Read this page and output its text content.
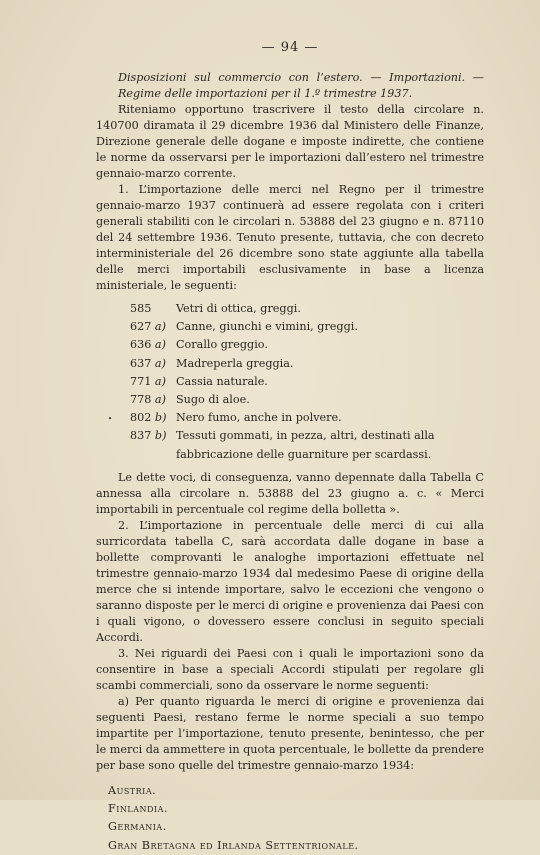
— 94 —

Disposizioni sul commercio con l’estero. — Importazioni. — Regime delle importazioni per il 1.º trimestre 1937.

Riteniamo opportuno trascrivere il testo della circolare n. 140700 diramata il 29 dicembre 1936 dal Ministero delle Finanze, Direzione generale delle dogane e imposte indirette, che contiene le norme da osservarsi per le importazioni dall’estero nel trimestre gennaio-marzo corrente.

1. L’importazione delle merci nel Regno per il trimestre gennaio-marzo 1937 continuerà ad essere regolata con i criteri generali stabiliti con le circolari n. 53888 del 23 giugno e n. 87110 del 24 settembre 1936. Tenuto presente, tuttavia, che con decreto interministeriale del 26 dicembre sono state aggiunte alla tabella delle merci importabili esclusivamente in base a licenza ministeriale, le seguenti:

585	Vetri di ottica, greggi.
627 a) Canne, giunchi e vimini, greggi.
636 a) Corallo greggio.
637 a) Madreperla greggia.
771 a) Cassia naturale.
778 a) Sugo di aloe.
• 802 b) Nero fumo, anche in polvere.
837 b) Tessuti gommati, in pezza, altri, destinati alla fabbricazione delle guarniture per scardassi.

Le dette voci, di conseguenza, vanno depennate dalla Tabella C annessa alla circolare n. 53888 del 23 giugno a. c. « Merci importabili in percentuale col regime della bolletta ».

2. L’importazione in percentuale delle merci di cui alla surricordata tabella C, sarà accordata dalle dogane in base a bollette comprovanti le analoghe importazioni effettuate nel trimestre gennaio-marzo 1934 dal medesimo Paese di origine della merce che si intende importare, salvo le eccezioni che vengono o saranno disposte per le merci di origine e provenienza dai Paesi con i quali vigono, o dovessero essere conclusi in seguito speciali Accordi.

3. Nei riguardi dei Paesi con i quali le importazioni sono da consentire in base a speciali Accordi stipulati per regolare gli scambi commerciali, sono da osservare le norme seguenti:

a) Per quanto riguarda le merci di origine e provenienza dai seguenti Paesi, restano ferme le norme speciali a suo tempo impartite per l’importazione, tenuto presente, benintesso, che per le merci da ammettere in quota percentuale, le bollette da prendere per base sono quelle del trimestre gennaio-marzo 1934:

Austria.
Finlandia.
Germania.
Gran Bretagna ed Irlanda Settentrionale.
